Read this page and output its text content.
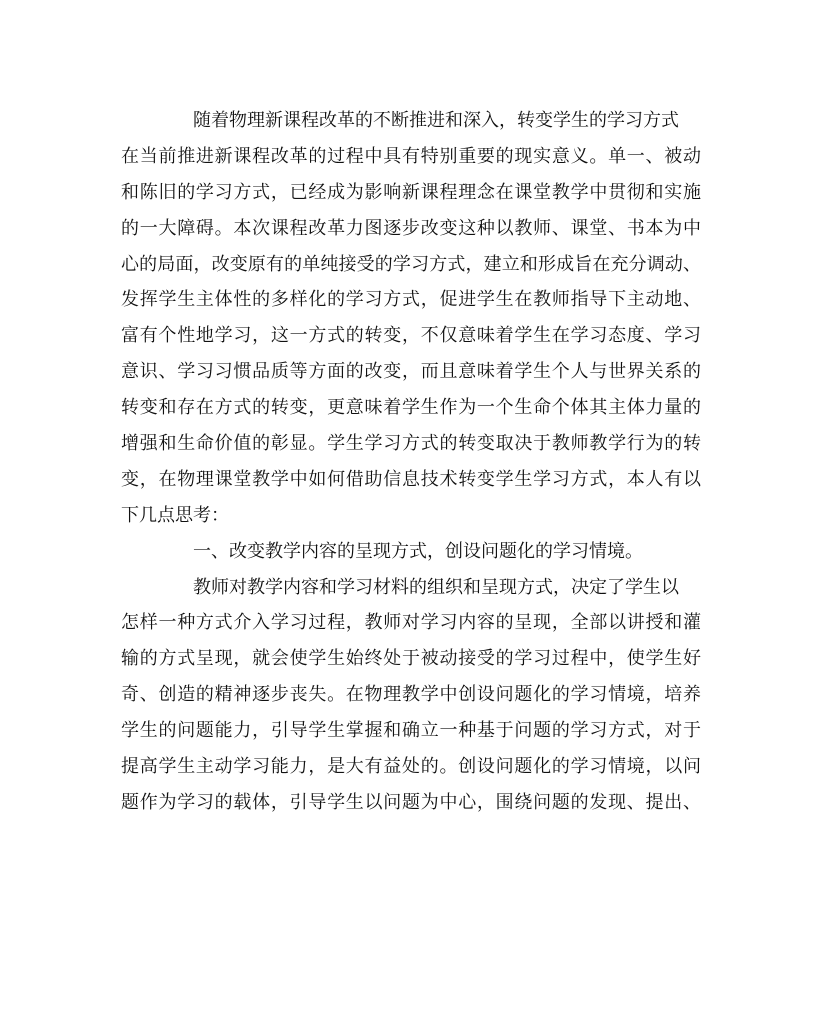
随着物理新课程改革的不断推进和深入，转变学生的学习方式
在当前推进新课程改革的过程中具有特别重要的现实意义。单一、被动
和陈旧的学习方式，已经成为影响新课程理念在课堂教学中贯彻和实施
的一大障碍。本次课程改革力图逐步改变这种以教师、课堂、书本为中
心的局面，改变原有的单纯接受的学习方式，建立和形成旨在充分调动、
发挥学生主体性的多样化的学习方式，促进学生在教师指导下主动地、
富有个性地学习，这一方式的转变，不仅意味着学生在学习态度、学习
意识、学习习惯品质等方面的改变，而且意味着学生个人与世界关系的
转变和存在方式的转变，更意味着学生作为一个生命个体其主体力量的
增强和生命价值的彰显。学生学习方式的转变取决于教师教学行为的转
变，在物理课堂教学中如何借助信息技术转变学生学习方式，本人有以
下几点思考：
一、改变教学内容的呈现方式，创设问题化的学习情境。
教师对教学内容和学习材料的组织和呈现方式，决定了学生以
怎样一种方式介入学习过程，教师对学习内容的呈现，全部以讲授和灌
输的方式呈现，就会使学生始终处于被动接受的学习过程中，使学生好
奇、创造的精神逐步丧失。在物理教学中创设问题化的学习情境，培养
学生的问题能力，引导学生掌握和确立一种基于问题的学习方式，对于
提高学生主动学习能力，是大有益处的。创设问题化的学习情境，以问
题作为学习的载体，引导学生以问题为中心，围绕问题的发现、提出、
